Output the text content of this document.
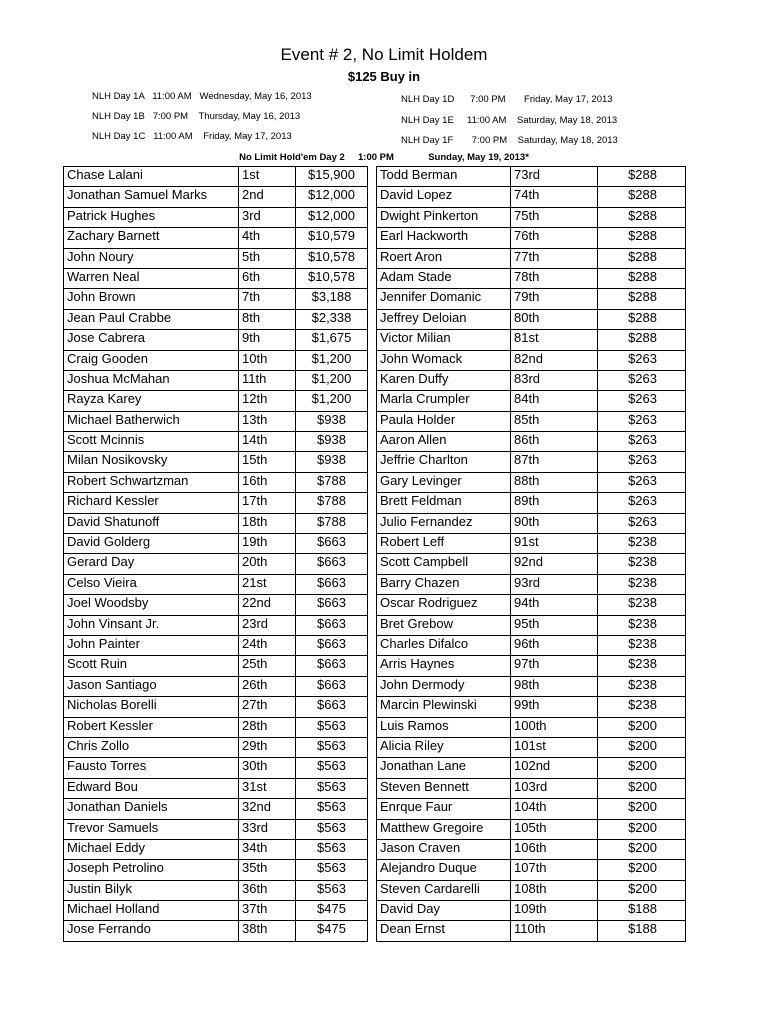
Event # 2, No Limit Holdem
$125 Buy in
NLH Day 1A   11:00 AM   Wednesday, May 16, 2013
NLH Day 1B   7:00 PM    Thursday, May 16, 2013
NLH Day 1C   11:00 AM    Friday, May 17, 2013
NLH Day 1D      7:00 PM       Friday, May 17, 2013
NLH Day 1E     11:00 AM    Saturday, May 18, 2013
NLH Day 1F       7:00 PM    Saturday, May 18, 2013
No Limit Hold'em Day 2     1:00 PM             Sunday, May 19, 2013*
Chase Lalani	1st	$15,900		Todd Berman	73rd	$288
Jonathan Samuel Marks	2nd	$12,000		David Lopez	74th	$288
Patrick Hughes	3rd	$12,000		Dwight Pinkerton	75th	$288
Zachary Barnett	4th	$10,579		Earl Hackworth	76th	$288
John Noury	5th	$10,578		Roert Aron	77th	$288
Warren Neal	6th	$10,578		Adam Stade	78th	$288
John Brown	7th	$3,188		Jennifer Domanic	79th	$288
Jean Paul Crabbe	8th	$2,338		Jeffrey Deloian	80th	$288
Jose Cabrera	9th	$1,675		Victor Milian	81st	$288
Craig Gooden	10th	$1,200		John Womack	82nd	$263
Joshua McMahan	11th	$1,200		Karen Duffy	83rd	$263
Rayza Karey	12th	$1,200		Marla Crumpler	84th	$263
Michael Batherwich	13th	$938		Paula Holder	85th	$263
Scott Mcinnis	14th	$938		Aaron Allen	86th	$263
Milan Nosikovsky	15th	$938		Jeffrie Charlton	87th	$263
Robert Schwartzman	16th	$788		Gary Levinger	88th	$263
Richard Kessler	17th	$788		Brett Feldman	89th	$263
David Shatunoff	18th	$788		Julio Fernandez	90th	$263
David Golderg	19th	$663		Robert Leff	91st	$238
Gerard Day	20th	$663		Scott Campbell	92nd	$238
Celso Vieira	21st	$663		Barry Chazen	93rd	$238
Joel Woodsby	22nd	$663		Oscar Rodriguez	94th	$238
John Vinsant Jr.	23rd	$663		Bret Grebow	95th	$238
John Painter	24th	$663		Charles Difalco	96th	$238
Scott Ruin	25th	$663		Arris Haynes	97th	$238
Jason Santiago	26th	$663		John Dermody	98th	$238
Nicholas Borelli	27th	$663		Marcin Plewinski	99th	$238
Robert Kessler	28th	$563		Luis Ramos	100th	$200
Chris Zollo	29th	$563		Alicia Riley	101st	$200
Fausto Torres	30th	$563		Jonathan Lane	102nd	$200
Edward Bou	31st	$563		Steven Bennett	103rd	$200
Jonathan Daniels	32nd	$563		Enrque Faur	104th	$200
Trevor Samuels	33rd	$563		Matthew Gregoire	105th	$200
Michael Eddy	34th	$563		Jason Craven	106th	$200
Joseph Petrolino	35th	$563		Alejandro Duque	107th	$200
Justin Bilyk	36th	$563		Steven Cardarelli	108th	$200
Michael Holland	37th	$475		David Day	109th	$188
Jose Ferrando	38th	$475		Dean Ernst	110th	$188
